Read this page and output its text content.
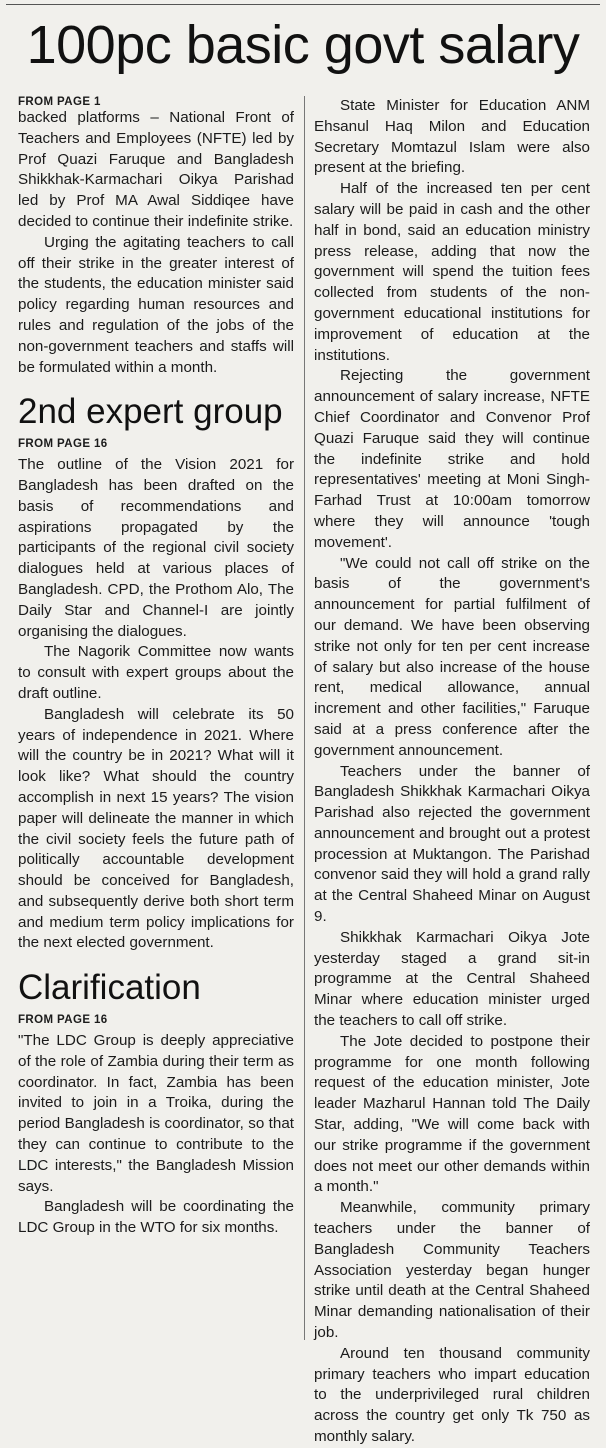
100pc basic govt salary

FROM PAGE 1

backed platforms – National Front of Teachers and Employees (NFTE) led by Prof Quazi Faruque and Bangladesh Shikkhak-Karmachari Oikya Parishad led by Prof MA Awal Siddiqee have decided to continue their indefinite strike.

Urging the agitating teachers to call off their strike in the greater interest of the students, the education minister said policy regarding human resources and rules and regulation of the jobs of the non-government teachers and staffs will be formulated within a month.

2nd expert group

FROM PAGE 16

The outline of the Vision 2021 for Bangladesh has been drafted on the basis of recommendations and aspirations propagated by the participants of the regional civil society dialogues held at various places of Bangladesh. CPD, the Prothom Alo, The Daily Star and Channel-I are jointly organising the dialogues.

The Nagorik Committee now wants to consult with expert groups about the draft outline.

Bangladesh will celebrate its 50 years of independence in 2021. Where will the country be in 2021? What will it look like? What should the country accomplish in next 15 years? The vision paper will delineate the manner in which the civil society feels the future path of politically accountable development should be conceived for Bangladesh, and subsequently derive both short term and medium term policy implications for the next elected government.

Clarification

FROM PAGE 16

"The LDC Group is deeply appreciative of the role of Zambia during their term as coordinator. In fact, Zambia has been invited to join in a Troika, during the period Bangladesh is coordinator, so that they can continue to contribute to the LDC interests," the Bangladesh Mission says.

Bangladesh will be coordinating the LDC Group in the WTO for six months.

State Minister for Education ANM Ehsanul Haq Milon and Education Secretary Momtazul Islam were also present at the briefing.

Half of the increased ten per cent salary will be paid in cash and the other half in bond, said an education ministry press release, adding that now the government will spend the tuition fees collected from students of the non-government educational institutions for improvement of education at the institutions.

Rejecting the government announcement of salary increase, NFTE Chief Coordinator and Convenor Prof Quazi Faruque said they will continue the indefinite strike and hold representatives' meeting at Moni Singh-Farhad Trust at 10:00am tomorrow where they will announce 'tough movement'.

"We could not call off strike on the basis of the government's announcement for partial fulfilment of our demand. We have been observing strike not only for ten per cent increase of salary but also increase of the house rent, medical allowance, annual increment and other facilities," Faruque said at a press conference after the government announcement.

Teachers under the banner of Bangladesh Shikkhak Karmachari Oikya Parishad also rejected the government announcement and brought out a protest procession at Muktangon. The Parishad convenor said they will hold a grand rally at the Central Shaheed Minar on August 9.

Shikkhak Karmachari Oikya Jote yesterday staged a grand sit-in programme at the Central Shaheed Minar where education minister urged the teachers to call off strike.

The Jote decided to postpone their programme for one month following request of the education minister, Jote leader Mazharul Hannan told The Daily Star, adding, "We will come back with our strike programme if the government does not meet our other demands within a month."

Meanwhile, community primary teachers under the banner of Bangladesh Community Teachers Association yesterday began hunger strike until death at the Central Shaheed Minar demanding nationalisation of their job.

Around ten thousand community primary teachers who impart education to the underprivileged rural children across the country get only Tk 750 as monthly salary.
